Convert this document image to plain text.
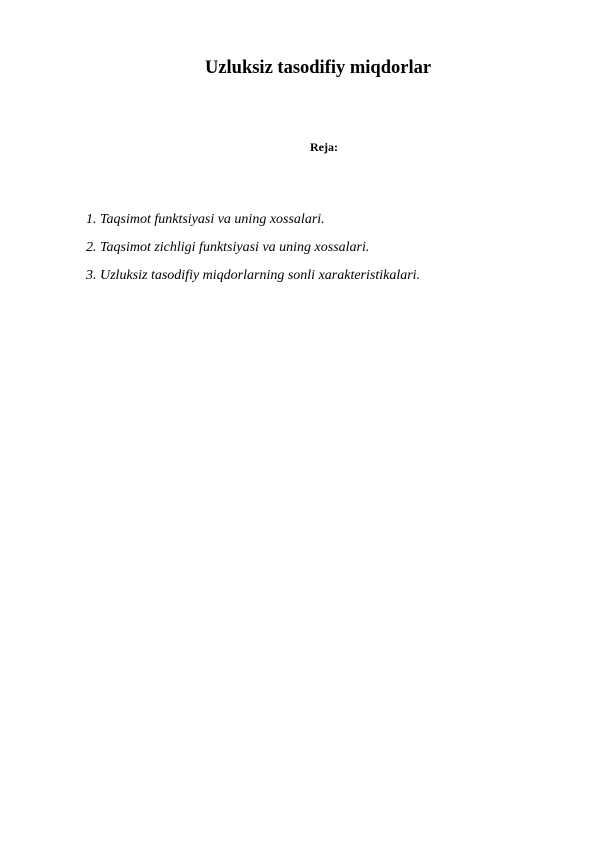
Uzluksiz tasodifiy miqdorlar
Reja:
1. Taqsimot funktsiyasi va uning xossalari.
2. Taqsimot zichligi funktsiyasi va uning xossalari.
3. Uzluksiz tasodifiy miqdorlarning sonli xarakteristikalari.
